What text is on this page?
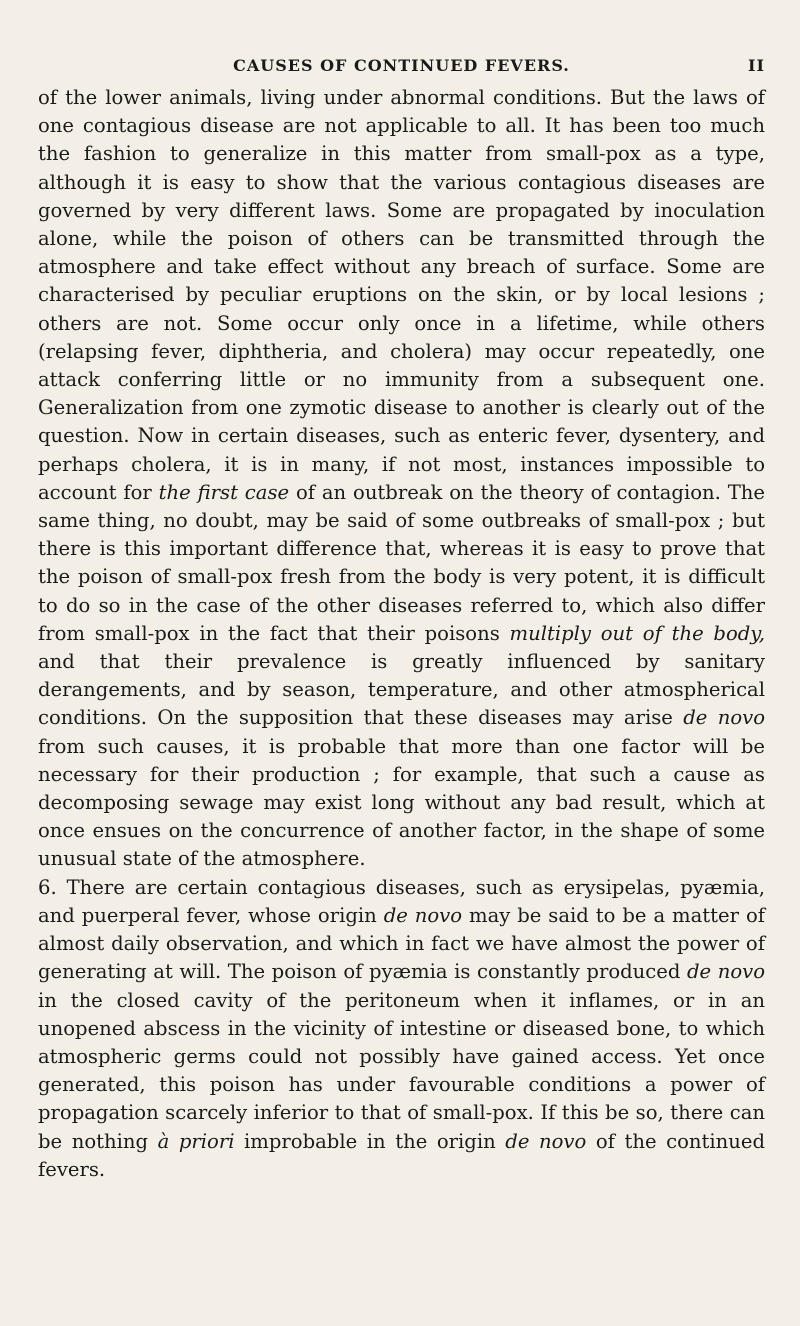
CAUSES OF CONTINUED FEVERS.	II

of the lower animals, living under abnormal conditions. But the laws of one contagious disease are not applicable to all. It has been too much the fashion to generalize in this matter from small-pox as a type, although it is easy to show that the various contagious diseases are governed by very different laws. Some are propagated by inoculation alone, while the poison of others can be transmitted through the atmosphere and take effect without any breach of surface. Some are characterised by peculiar eruptions on the skin, or by local lesions ; others are not. Some occur only once in a lifetime, while others (relapsing fever, diphtheria, and cholera) may occur repeatedly, one attack conferring little or no immunity from a subsequent one. Generalization from one zymotic disease to another is clearly out of the question. Now in certain diseases, such as enteric fever, dysentery, and perhaps cholera, it is in many, if not most, instances impossible to account for the first case of an outbreak on the theory of contagion. The same thing, no doubt, may be said of some outbreaks of small-pox ; but there is this important difference that, whereas it is easy to prove that the poison of small-pox fresh from the body is very potent, it is difficult to do so in the case of the other diseases referred to, which also differ from small-pox in the fact that their poisons multiply out of the body, and that their prevalence is greatly influenced by sanitary derangements, and by season, temperature, and other atmospherical conditions. On the supposition that these diseases may arise de novo from such causes, it is probable that more than one factor will be necessary for their production ; for example, that such a cause as decomposing sewage may exist long without any bad result, which at once ensues on the concurrence of another factor, in the shape of some unusual state of the atmosphere.

6. There are certain contagious diseases, such as erysipelas, pyæmia, and puerperal fever, whose origin de novo may be said to be a matter of almost daily observation, and which in fact we have almost the power of generating at will. The poison of pyæmia is constantly produced de novo in the closed cavity of the peritoneum when it inflames, or in an unopened abscess in the vicinity of intestine or diseased bone, to which atmospheric germs could not possibly have gained access. Yet once generated, this poison has under favourable conditions a power of propagation scarcely inferior to that of small-pox. If this be so, there can be nothing à priori improbable in the origin de novo of the continued fevers.
